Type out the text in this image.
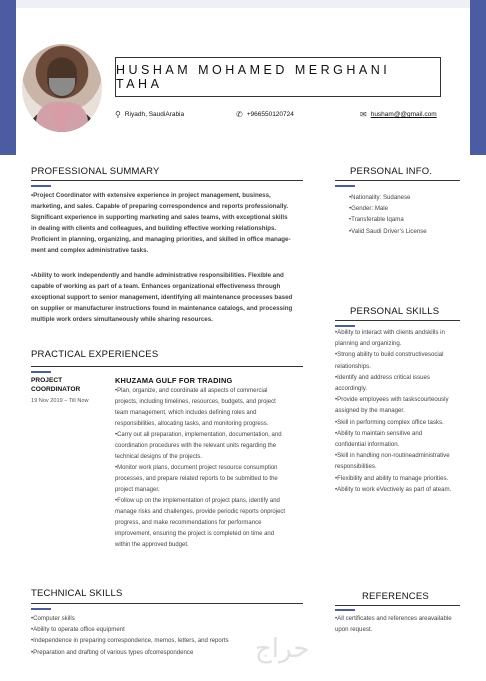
HUSHAM MOHAMED MERGHANI TAHA
⚲ Riyadh, SaudiArabia	✆ +966550120724	✉ husham@@gmail.com
PROFESSIONAL SUMMARY
•Project Coordinator with extensive experience in project management, business,
marketing, and sales. Capable of preparing correspondence and reports professionally.
Significant experience in supporting marketing and sales teams, with exceptional skills
in dealing with clients and colleagues, and building effective working relationships.
Proficient in planning, organizing, and managing priorities, and skilled in office manage-
ment and complex administrative tasks.
•Ability to work independently and handle administrative responsibilities. Flexible and
capable of working as part of a team. Enhances organizational effectiveness through
exceptional support to senior management, identifying all maintenance processes based
on supplier or manufacturer instructions found in maintenance catalogs, and processing
multiple work orders simultaneously while sharing resources.
PERSONAL INFO.
•Nationality: Sudanese
•Gender: Male
•Transferable Iqama
•Valid Saudi Driver’s License
PERSONAL SKILLS
•Ability to interact with clients andskills in
planning and organizing.
•Strong ability to build constructivesocial
relationships.
•Identify and address critical issues
accordingly.
•Provide employees with taskscourteously
assigned by the manager.
•Skill in performing complex office tasks.
•Ability to maintain sensitive and
confidential information.
•Skill in handling non-routineadministrative
responsibilities.
•Flexibility and ability to manage priorities.
•Ability to work eVectively as part of ateam.
PRACTICAL EXPERIENCES
PROJECT
COORDINATOR
19 Nov 2019 – Till Now
KHUZAMA GULF FOR TRADING
•Plan, organize, and coordinate all aspects of commercial
projects, including timelines, resources, budgets, and project
team management, which includes defining roles and
responsibilities, allocating tasks, and monitoring progress.
•Carry out all preparation, implementation, documentation, and
coordination procedures with the relevant units regarding the
technical designs of the projects.
•Monitor work plans, document project resource consumption
processes, and prepare related reports to be submitted to the
project manager.
•Follow up on the implementation of project plans, identify and
manage risks and challenges, provide periodic reports onproject
progress, and make recommendations for performance
improvement, ensuring the project is completed on time and
within the approved budget.
TECHNICAL SKILLS
•Computer skills
•Ability to operate office equipment
•Independence in preparing correspondence, memos, letters, and reports
•Preparation and drafting of various types ofcorrespondence
REFERENCES
•All certificates and references areavailable
upon request.
حراج
